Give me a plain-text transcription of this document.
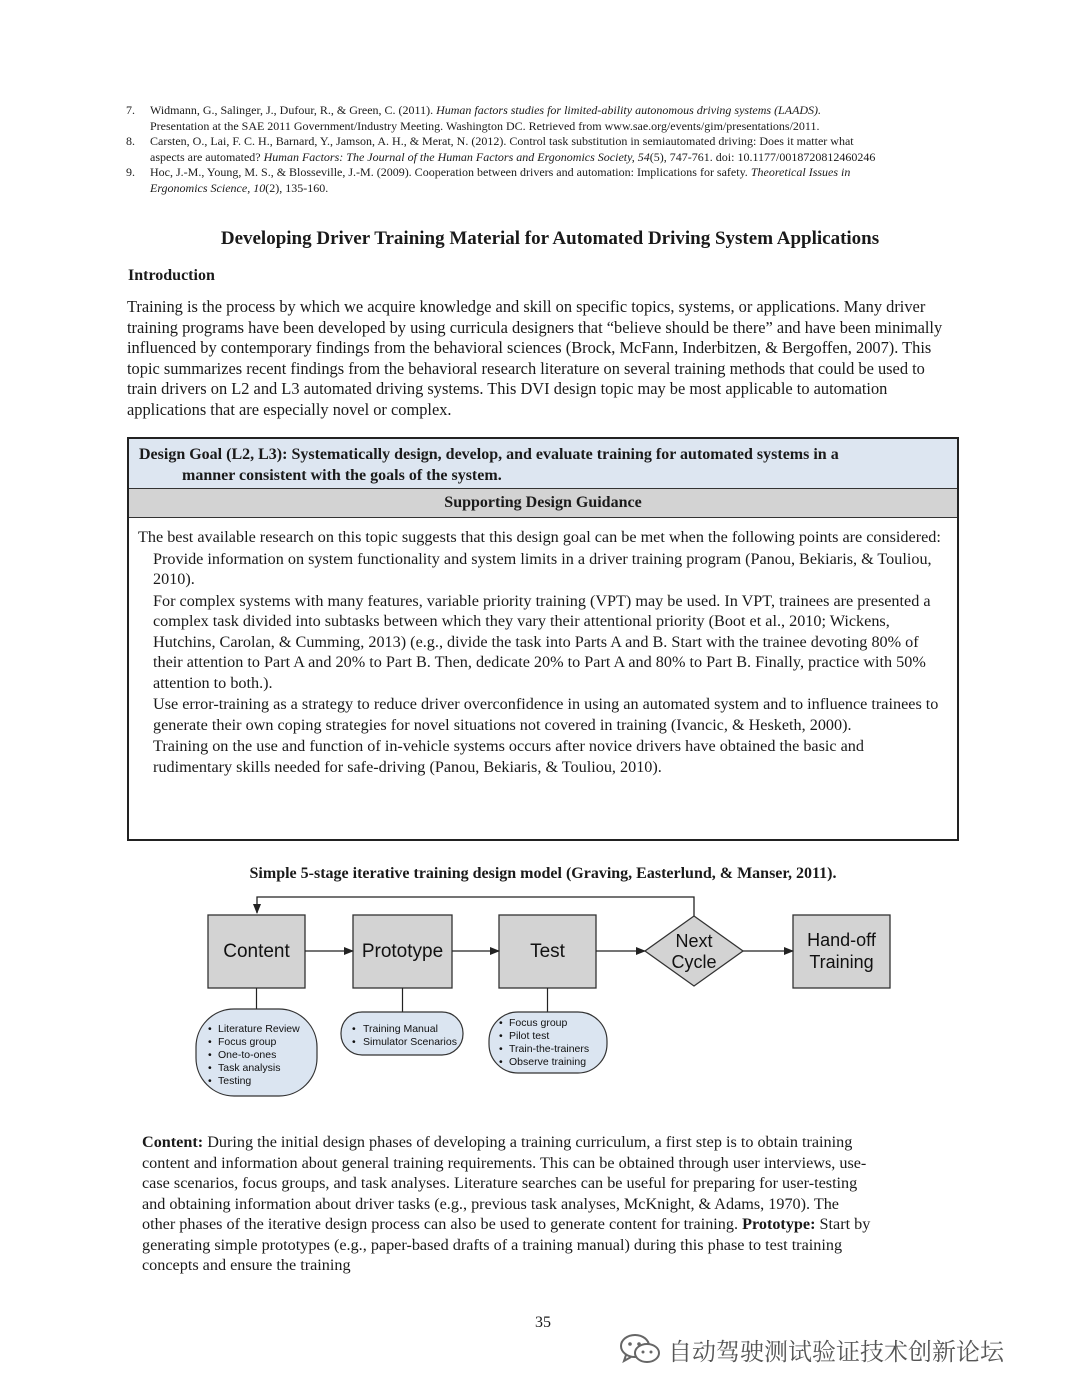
7. Widmann, G., Salinger, J., Dufour, R., & Green, C. (2011). Human factors studies for limited-ability autonomous driving systems (LAADS).
Presentation at the SAE 2011 Government/Industry Meeting. Washington DC. Retrieved from www.sae.org/events/gim/presentations/2011.
8. Carsten, O., Lai, F. C. H., Barnard, Y., Jamson, A. H., & Merat, N. (2012). Control task substitution in semiautomated driving: Does it matter what
aspects are automated? Human Factors: The Journal of the Human Factors and Ergonomics Society, 54(5), 747-761. doi: 10.1177/0018720812460246
9. Hoc, J.-M., Young, M. S., & Blosseville, J.-M. (2009). Cooperation between drivers and automation: Implications for safety. Theoretical Issues in
Ergonomics Science, 10(2), 135-160.
Developing Driver Training Material for Automated Driving System Applications
Introduction
Training is the process by which we acquire knowledge and skill on specific topics, systems, or applications. Many driver training programs have been developed by using curricula designers that “believe should be there” and have been minimally influenced by contemporary findings from the behavioral sciences (Brock, McFann, Inderbitzen, & Bergoffen, 2007). This topic summarizes recent findings from the behavioral research literature on several training methods that could be used to train drivers on L2 and L3 automated driving systems. This DVI design topic may be most applicable to automation applications that are especially novel or complex.
Design Goal (L2, L3): Systematically design, develop, and evaluate training for automated systems in a
manner consistent with the goals of the system.
Supporting Design Guidance
The best available research on this topic suggests that this design goal can be met when the following points are considered:
Provide information on system functionality and system limits in a driver training program (Panou, Bekiaris, & Touliou, 2010).
For complex systems with many features, variable priority training (VPT) may be used. In VPT, trainees are presented a complex task divided into subtasks between which they vary their attentional priority (Boot et al., 2010; Wickens, Hutchins, Carolan, & Cumming, 2013) (e.g., divide the task into Parts A and B. Start with the trainee devoting 80% of their attention to Part A and 20% to Part B. Then, dedicate 20% to Part A and 80% to Part B. Finally, practice with 50% attention to both.).
Use error-training as a strategy to reduce driver overconfidence in using an automated system and to influence trainees to generate their own coping strategies for novel situations not covered in training (Ivancic, & Hesketh, 2000).
Training on the use and function of in-vehicle systems occurs after novice drivers have obtained the basic and rudimentary skills needed for safe-driving (Panou, Bekiaris, & Touliou, 2010).
Simple 5-stage iterative training design model (Graving, Easterlund, & Manser, 2011).
Content	Prototype	Test	Next
Cycle
Hand-off
Training
• Literature Review
• Focus group
• One-to-ones
• Task analysis
• Testing
• Training Manual
• Simulator Scenarios
• Focus group
• Pilot test
• Train-the-trainers
• Observe training
Content: During the initial design phases of developing a training curriculum, a first step is to obtain training content and information about general training requirements. This can be obtained through user interviews, use-case scenarios, focus groups, and task analyses. Literature searches can be useful for preparing for user-testing and obtaining information about driver tasks (e.g., previous task analyses, McKnight, & Adams, 1970). The other phases of the iterative design process can also be used to generate content for training. Prototype: Start by generating simple prototypes (e.g., paper-based drafts of a training manual) during this phase to test training concepts and ensure the training
35
自动驾驶测试验证技术创新论坛
